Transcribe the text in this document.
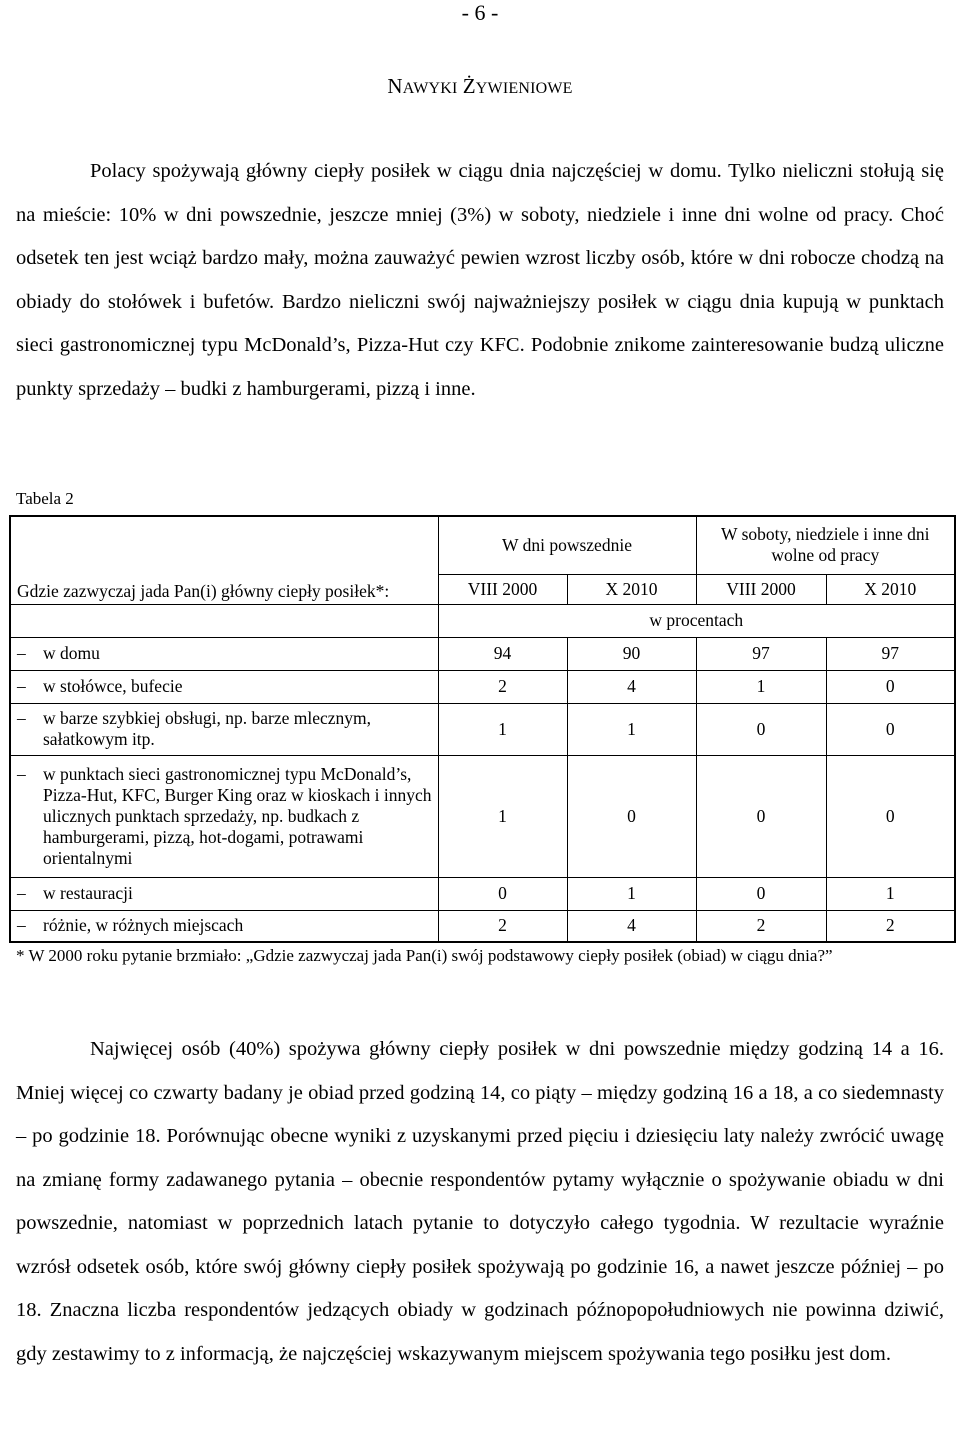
- 6 -
NAWYKI ŻYWIENIOWE

Polacy spożywają główny ciepły posiłek w ciągu dnia najczęściej w domu. Tylko nieliczni stołują się na mieście: 10% w dni powszednie, jeszcze mniej (3%) w soboty, niedziele i inne dni wolne od pracy. Choć odsetek ten jest wciąż bardzo mały, można zauważyć pewien wzrost liczby osób, które w dni robocze chodzą na obiady do stołówek i bufetów. Bardzo nieliczni swój najważniejszy posiłek w ciągu dnia kupują w punktach sieci gastronomicznej typu McDonald’s, Pizza-Hut czy KFC. Podobnie znikome zainteresowanie budzą uliczne punkty sprzedaży – budki z hamburgerami, pizzą i inne.

Tabela 2
Gdzie zazwyczaj jada Pan(i) główny ciepły posiłek*:	W dni powszednie		W soboty, niedziele i inne dni wolne od pracy	
	VIII 2000	X 2010	VIII 2000	X 2010
	w procentach			

– w domu	94	90	97	97

– w stołówce, bufecie	2	4	1	0

– w barze szybkiej obsługi, np. barze mlecznym, sałatkowym itp.	1	1	0	0

– w punktach sieci gastronomicznej typu McDonald’s, Pizza-Hut, KFC, Burger King oraz w kioskach i innych ulicznych punktach sprzedaży, np. budkach z hamburgerami, pizzą, hot-dogami, potrawami orientalnymi	1	0	0	0

– w restauracji	0	1	0	1

– różnie, w różnych miejscach	2	4	2	2
* W 2000 roku pytanie brzmiało: „Gdzie zazwyczaj jada Pan(i) swój podstawowy ciepły posiłek (obiad) w ciągu dnia?”

Najwięcej osób (40%) spożywa główny ciepły posiłek w dni powszednie między godziną 14 a 16. Mniej więcej co czwarty badany je obiad przed godziną 14, co piąty – między godziną 16 a 18, a co siedemnasty – po godzinie 18. Porównując obecne wyniki z uzyskanymi przed pięciu i dziesięciu laty należy zwrócić uwagę na zmianę formy zadawanego pytania – obecnie respondentów pytamy wyłącznie o spożywanie obiadu w dni powszednie, natomiast w poprzednich latach pytanie to dotyczyło całego tygodnia. W rezultacie wyraźnie wzrósł odsetek osób, które swój główny ciepły posiłek spożywają po godzinie 16, a nawet jeszcze później – po 18. Znaczna liczba respondentów jedzących obiady w godzinach późnopopołudniowych nie powinna dziwić, gdy zestawimy to z informacją, że najczęściej wskazywanym miejscem spożywania tego posiłku jest dom.
